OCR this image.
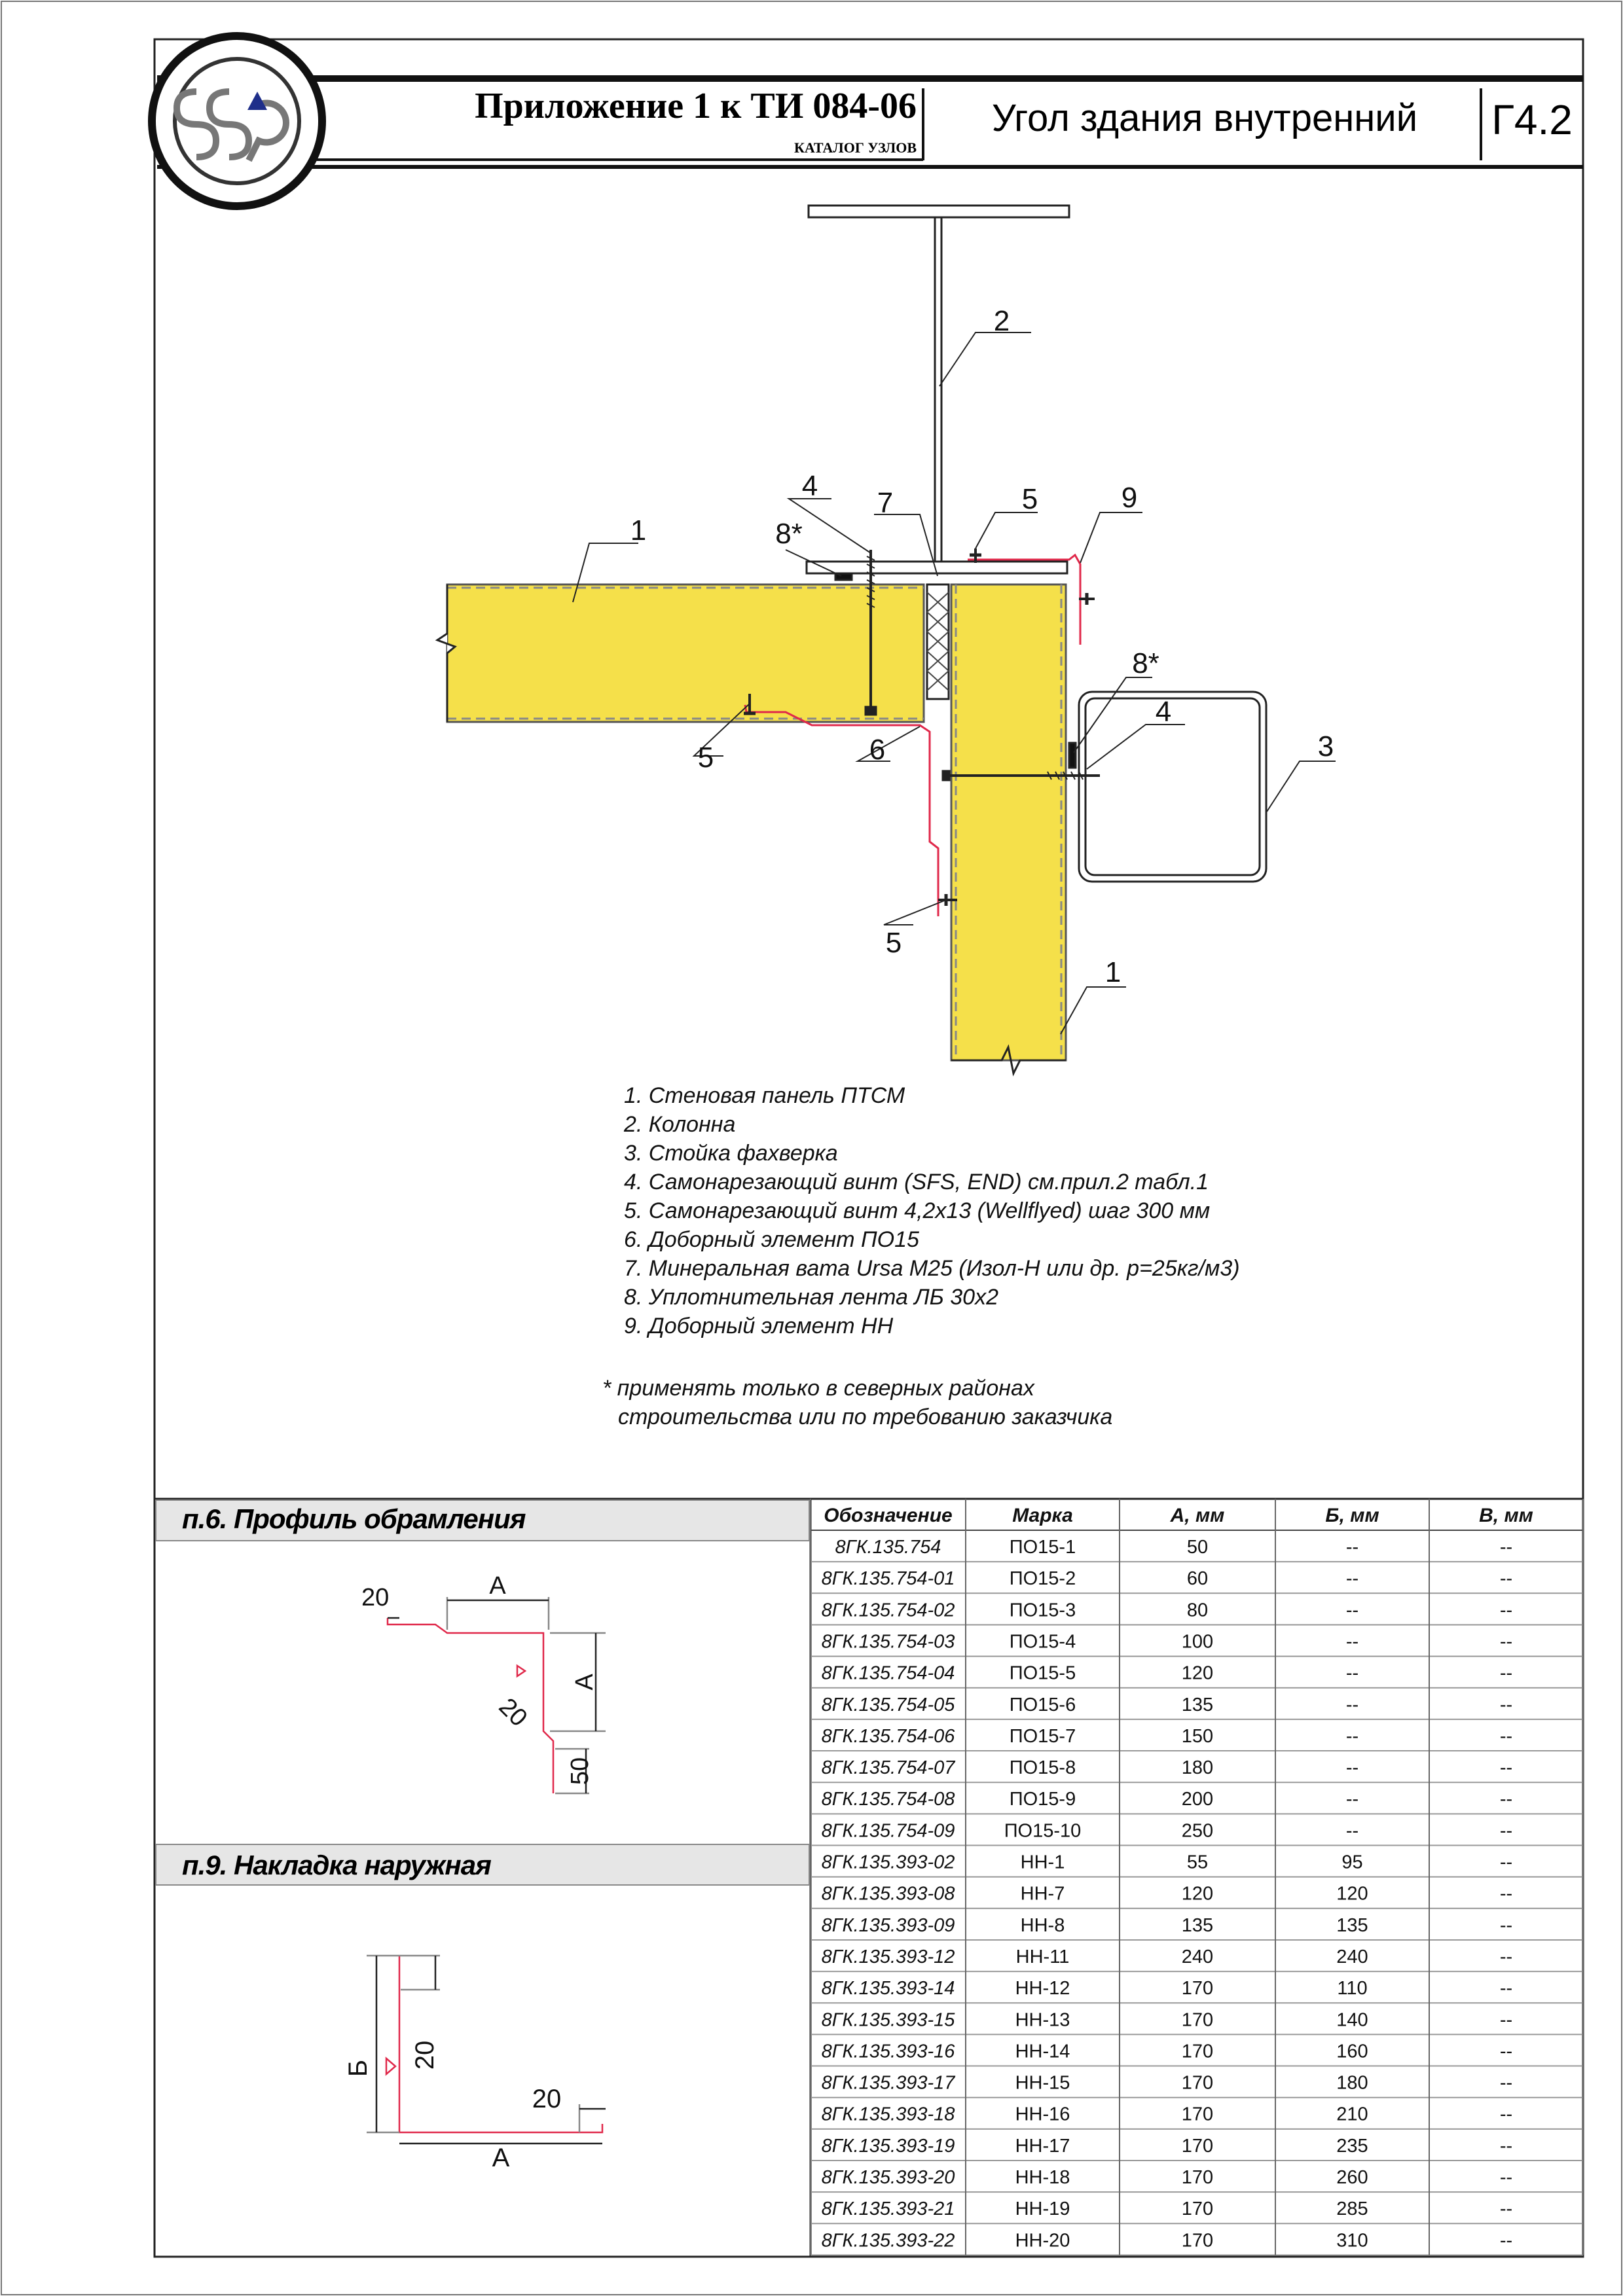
Приложение 1 к ТИ 084-06
КАТАЛОГ УЗЛОВ
Угол здания внутренний Г4.2
1
1
2
3
4
4
5
5
5
6
7
8*
8*
9
1. Стеновая панель ПТСМ
2. Колонна
3. Стойка фахверка
4. Самонарезающий винт (SFS, END) см.прил.2 табл.1
5. Самонарезающий винт 4,2x13 (Wellflyed) шаг 300 мм
6. Доборный элемент ПО15
7. Минеральная вата Ursa M25 (Изол-Н или др. p=25кг/м3)
8. Уплотнительная лента ЛБ 30x2
9. Доборный элемент НН
* применять только в северных районах
строительства или по требованию заказчика
п.6. Профиль обрамления
п.9. Накладка наружная
20	A
A
20
50
Б 20
20
A
Обозначение	Марка	А, мм	Б, мм	В, мм
8ГК.135.754	ПО15-1	50	--	--
8ГК.135.754-01	ПО15-2	60	--	--
8ГК.135.754-02	ПО15-3	80	--	--
8ГК.135.754-03	ПО15-4	100	--	--
8ГК.135.754-04	ПО15-5	120	--	--
8ГК.135.754-05	ПО15-6	135	--	--
8ГК.135.754-06	ПО15-7	150	--	--
8ГК.135.754-07	ПО15-8	180	--	--
8ГК.135.754-08	ПО15-9	200	--	--
8ГК.135.754-09	ПО15-10	250	--	--
8ГК.135.393-02	НН-1	55	95	--
8ГК.135.393-08	НН-7	120	120	--
8ГК.135.393-09	НН-8	135	135	--
8ГК.135.393-12	НН-11	240	240	--
8ГК.135.393-14	НН-12	170	110	--
8ГК.135.393-15	НН-13	170	140	--
8ГК.135.393-16	НН-14	170	160	--
8ГК.135.393-17	НН-15	170	180	--
8ГК.135.393-18	НН-16	170	210	--
8ГК.135.393-19	НН-17	170	235	--
8ГК.135.393-20	НН-18	170	260	--
8ГК.135.393-21	НН-19	170	285	--
8ГК.135.393-22	НН-20	170	310	--
